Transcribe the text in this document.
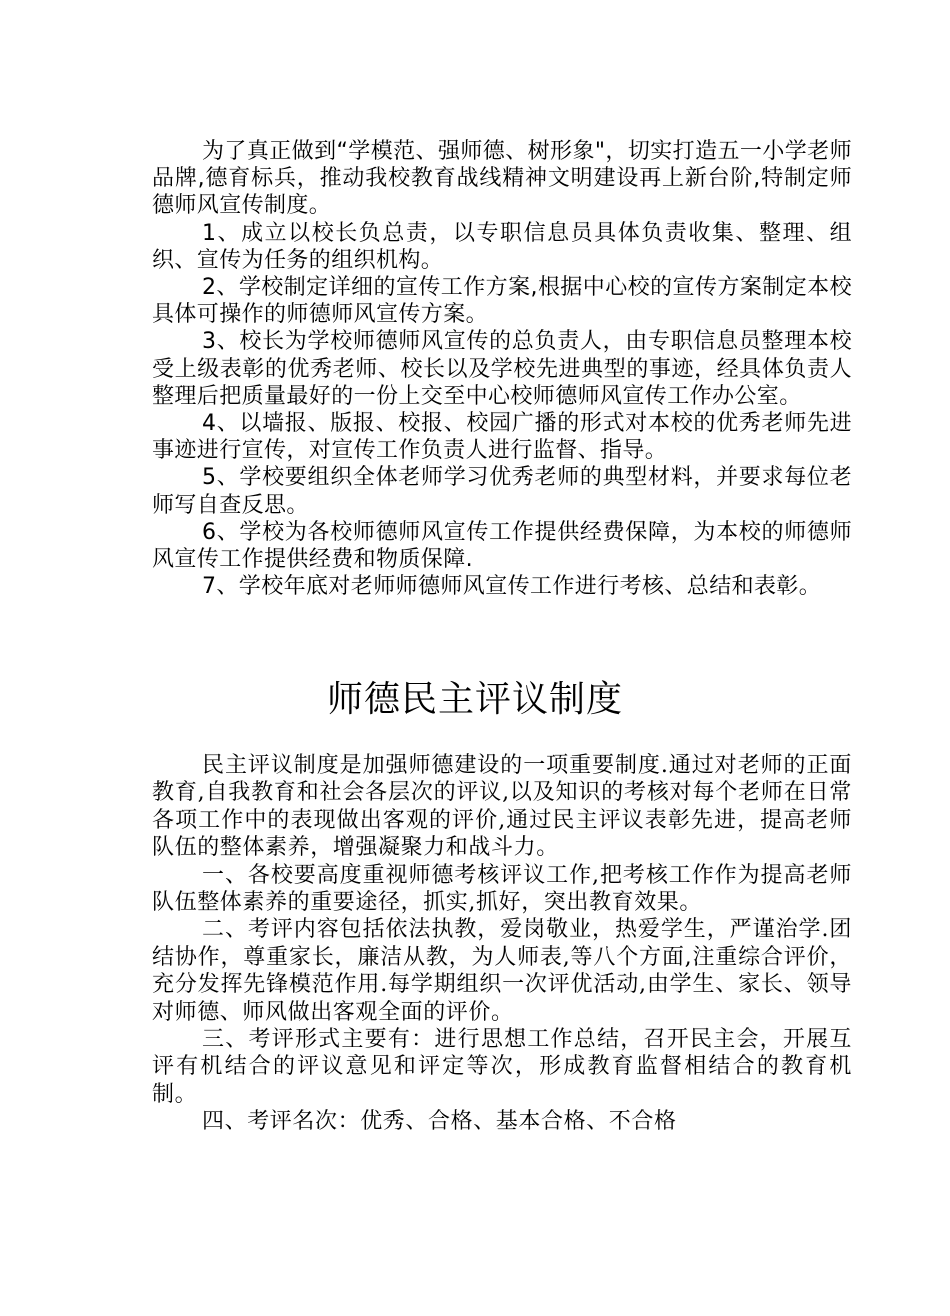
为了真正做到“学模范、强师德、树形象"，切实打造五一小学老师品牌,德育标兵，推动我校教育战线精神文明建设再上新台阶,特制定师德师风宣传制度。

1、成立以校长负总责，以专职信息员具体负责收集、整理、组织、宣传为任务的组织机构。

2、学校制定详细的宣传工作方案,根据中心校的宣传方案制定本校具体可操作的师德师风宣传方案。

3、校长为学校师德师风宣传的总负责人，由专职信息员整理本校受上级表彰的优秀老师、校长以及学校先进典型的事迹，经具体负责人整理后把质量最好的一份上交至中心校师德师风宣传工作办公室。

4、以墙报、版报、校报、校园广播的形式对本校的优秀老师先进事迹进行宣传，对宣传工作负责人进行监督、指导。

5、学校要组织全体老师学习优秀老师的典型材料，并要求每位老师写自查反思。

6、学校为各校师德师风宣传工作提供经费保障，为本校的师德师风宣传工作提供经费和物质保障.

7、学校年底对老师师德师风宣传工作进行考核、总结和表彰。

师德民主评议制度

民主评议制度是加强师德建设的一项重要制度.通过对老师的正面教育,自我教育和社会各层次的评议,以及知识的考核对每个老师在日常各项工作中的表现做出客观的评价,通过民主评议表彰先进，提高老师队伍的整体素养，增强凝聚力和战斗力。

一、各校要高度重视师德考核评议工作,把考核工作作为提高老师队伍整体素养的重要途径，抓实,抓好，突出教育效果。

二、考评内容包括依法执教，爱岗敬业，热爱学生，严谨治学.团结协作，尊重家长，廉洁从教，为人师表,等八个方面,注重综合评价，充分发挥先锋模范作用.每学期组织一次评优活动,由学生、家长、领导对师德、师风做出客观全面的评价。

三、考评形式主要有：进行思想工作总结，召开民主会，开展互评有机结合的评议意见和评定等次，形成教育监督相结合的教育机制。

四、考评名次：优秀、合格、基本合格、不合格
